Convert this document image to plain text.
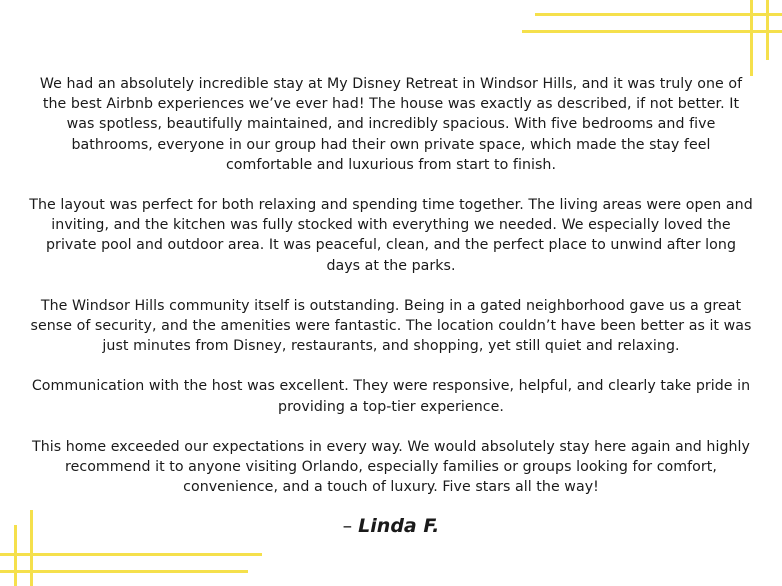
We had an absolutely incredible stay at My Disney Retreat in Windsor Hills, and it was truly one of the best Airbnb experiences we’ve ever had! The house was exactly as described, if not better. It was spotless, beautifully maintained, and incredibly spacious. With five bedrooms and five bathrooms, everyone in our group had their own private space, which made the stay feel comfortable and luxurious from start to finish.

The layout was perfect for both relaxing and spending time together. The living areas were open and inviting, and the kitchen was fully stocked with everything we needed. We especially loved the private pool and outdoor area. It was peaceful, clean, and the perfect place to unwind after long days at the parks.

The Windsor Hills community itself is outstanding. Being in a gated neighborhood gave us a great sense of security, and the amenities were fantastic. The location couldn’t have been better as it was just minutes from Disney, restaurants, and shopping, yet still quiet and relaxing.

Communication with the host was excellent. They were responsive, helpful, and clearly take pride in providing a top-tier experience.

This home exceeded our expectations in every way. We would absolutely stay here again and highly recommend it to anyone visiting Orlando, especially families or groups looking for comfort, convenience, and a touch of luxury. Five stars all the way!

– Linda F.
